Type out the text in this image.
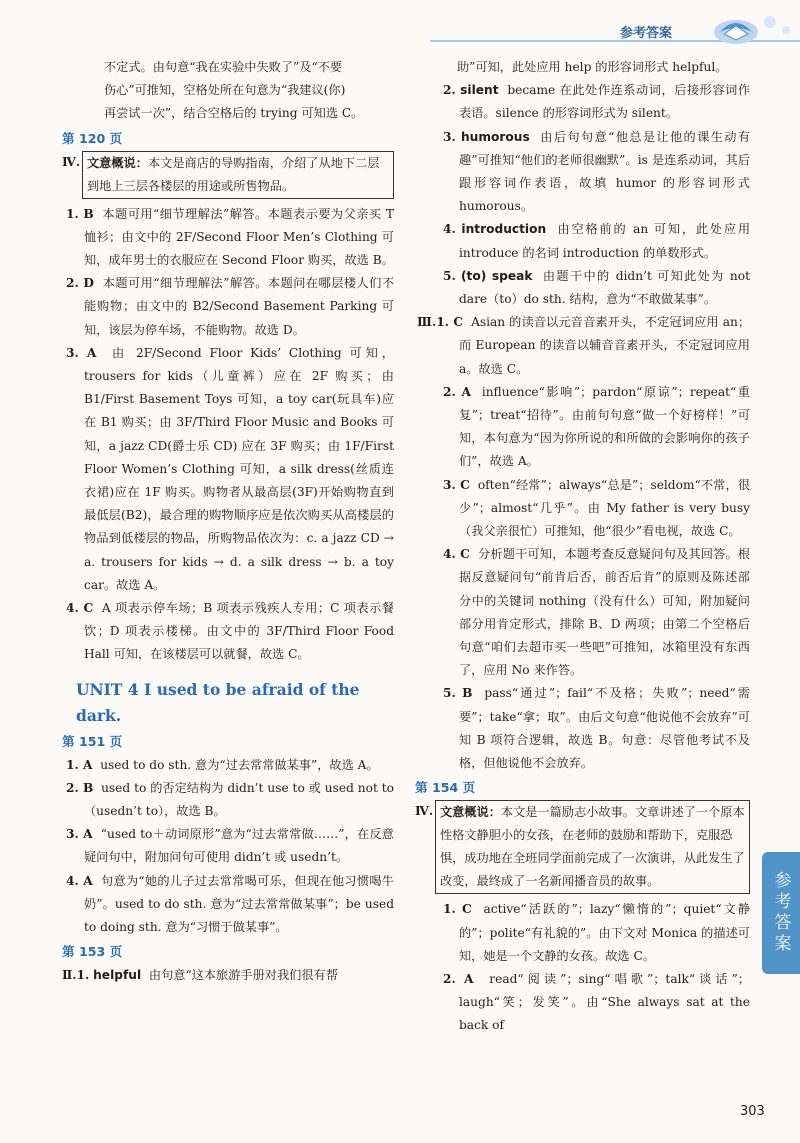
参考答案

不定式。由句意“我在实验中失败了”及“不要

伤心”可推知，空格处所在句意为“我建议(你)

再尝试一次”，结合空格后的 trying 可知选 C。

第 120 页
Ⅳ. 文意概说：本文是商店的导购指南，介绍了从地下二层到地上三层各楼层的用途或所售物品。

1. B 本题可用“细节理解法”解答。本题表示要为父亲买 T 恤衫；由文中的 2F/Second Floor Men’s Clothing 可知，成年男士的衣服应在 Second Floor 购买，故选 B。

2. D 本题可用“细节理解法”解答。本题问在哪层楼人们不能购物；由文中的 B2/Second Basement Parking 可知，该层为停车场，不能购物。故选 D。

3. A 由 2F/Second Floor Kids’ Clothing 可知，trousers for kids（儿童裤）应在 2F 购买；由 B1/First Basement Toys 可知，a toy car(玩具车)应在 B1 购买；由 3F/Third Floor Music and Books 可知，a jazz CD(爵士乐 CD) 应在 3F 购买；由 1F/First Floor Women’s Clothing 可知，a silk dress(丝质连衣裙)应在 1F 购买。购物者从最高层(3F)开始购物直到最低层(B2)，最合理的购物顺序应是依次购买从高楼层的物品到低楼层的物品，所购物品依次为：c. a jazz CD → a. trousers for kids → d. a silk dress → b. a toy car。故选 A。

4. C A 项表示停车场；B 项表示残疾人专用；C 项表示餐饮；D 项表示楼梯。由文中的 3F/Third Floor Food Hall 可知，在该楼层可以就餐，故选 C。

UNIT 4 I used to be afraid of the dark.
第 151 页

1. A used to do sth. 意为“过去常常做某事”，故选 A。

2. B used to 的否定结构为 didn’t use to 或 used not to（usedn’t to），故选 B。

3. A “used to＋动词原形”意为“过去常常做……”，在反意疑问句中，附加问句可使用 didn’t 或 usedn’t。

4. A 句意为“她的儿子过去常常喝可乐，但现在他习惯喝牛奶”。used to do sth. 意为“过去常常做某事”；be used to doing sth. 意为“习惯于做某事”。

第 153 页

Ⅱ.1. helpful 由句意“这本旅游手册对我们很有帮

助”可知，此处应用 help 的形容词形式 helpful。

2. silent became 在此处作连系动词，后接形容词作表语。silence 的形容词形式为 silent。

3. humorous 由后句句意“他总是让他的课生动有趣”可推知“他们的老师很幽默”。is 是连系动词，其后跟形容词作表语，故填 humor 的形容词形式 humorous。

4. introduction 由空格前的 an 可知，此处应用 introduce 的名词 introduction 的单数形式。

5. (to) speak 由题干中的 didn’t 可知此处为 not dare（to）do sth. 结构，意为“不敢做某事”。

Ⅲ.1. C Asian 的读音以元音音素开头，不定冠词应用 an；而 European 的读音以辅音音素开头，不定冠词应用 a。故选 C。

2. A influence“影响”；pardon“原谅”；repeat“重复”；treat“招待”。由前句句意“做一个好榜样！”可知，本句意为“因为你所说的和所做的会影响你的孩子们”，故选 A。

3. C often“经常”；always“总是”；seldom“不常，很少”；almost“几乎”。由 My father is very busy（我父亲很忙）可推知，他“很少”看电视，故选 C。

4. C 分析题干可知，本题考查反意疑问句及其回答。根据反意疑问句“前肯后否，前否后肯”的原则及陈述部分中的关键词 nothing（没有什么）可知，附加疑问部分用肯定形式，排除 B、D 两项；由第二个空格后句意“咱们去超市买一些吧”可推知，冰箱里没有东西了，应用 No 来作答。

5. B pass“通过”；fail“不及格；失败”；need“需要”；take“拿；取”。由后文句意“他说他不会放弃”可知 B 项符合逻辑，故选 B。句意：尽管他考试不及格，但他说他不会放弃。

第 154 页
Ⅳ. 文意概说：本文是一篇励志小故事。文章讲述了一个原本性格文静胆小的女孩，在老师的鼓励和帮助下，克服恐惧，成功地在全班同学面前完成了一次演讲，从此发生了改变，最终成了一名新闻播音员的故事。

1. C active“活跃的”；lazy“懒惰的”；quiet“文静的”；polite“有礼貌的”。由下文对 Monica 的描述可知，她是一个文静的女孩。故选 C。

2. A read“阅读”；sing“唱歌”；talk“谈话”；laugh“笑；发笑”。由“She always sat at the back of

参考答案
303
